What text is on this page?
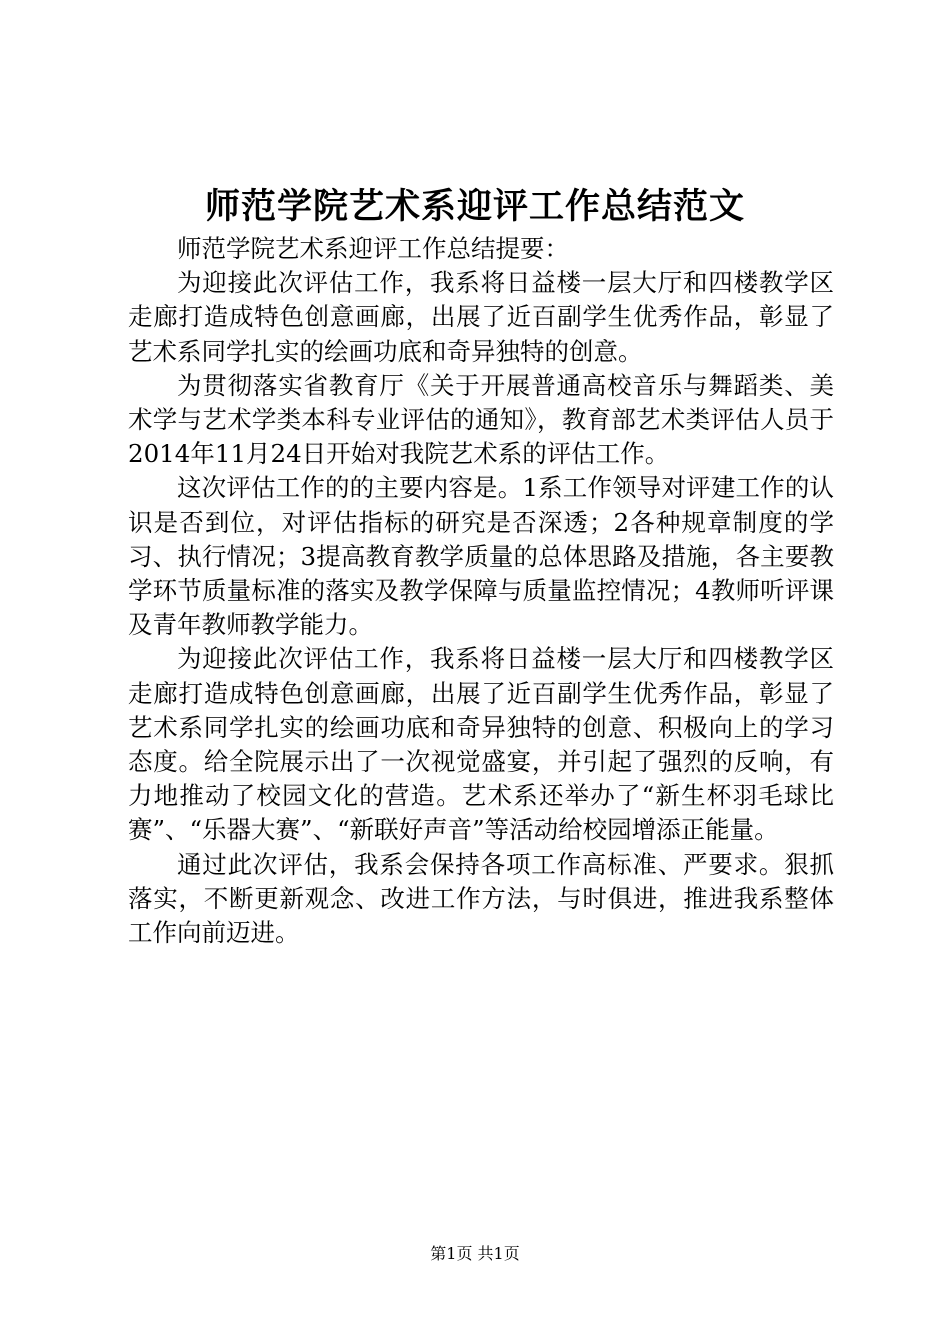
师范学院艺术系迎评工作总结范文

师范学院艺术系迎评工作总结提要：

为迎接此次评估工作，我系将日益楼一层大厅和四楼教学区走廊打造成特色创意画廊，出展了近百副学生优秀作品，彰显了艺术系同学扎实的绘画功底和奇异独特的创意。

为贯彻落实省教育厅《关于开展普通高校音乐与舞蹈类、美术学与艺术学类本科专业评估的通知》，教育部艺术类评估人员于2014年11月24日开始对我院艺术系的评估工作。

这次评估工作的的主要内容是。1系工作领导对评建工作的认识是否到位，对评估指标的研究是否深透；2各种规章制度的学习、执行情况；3提高教育教学质量的总体思路及措施，各主要教学环节质量标准的落实及教学保障与质量监控情况；4教师听评课及青年教师教学能力。

为迎接此次评估工作，我系将日益楼一层大厅和四楼教学区走廊打造成特色创意画廊，出展了近百副学生优秀作品，彰显了艺术系同学扎实的绘画功底和奇异独特的创意、积极向上的学习态度。给全院展示出了一次视觉盛宴，并引起了强烈的反响，有力地推动了校园文化的营造。艺术系还举办了“新生杯羽毛球比赛”、“乐器大赛”、“新联好声音”等活动给校园增添正能量。

通过此次评估，我系会保持各项工作高标准、严要求。狠抓落实，不断更新观念、改进工作方法，与时俱进，推进我系整体工作向前迈进。

第1页 共1页
